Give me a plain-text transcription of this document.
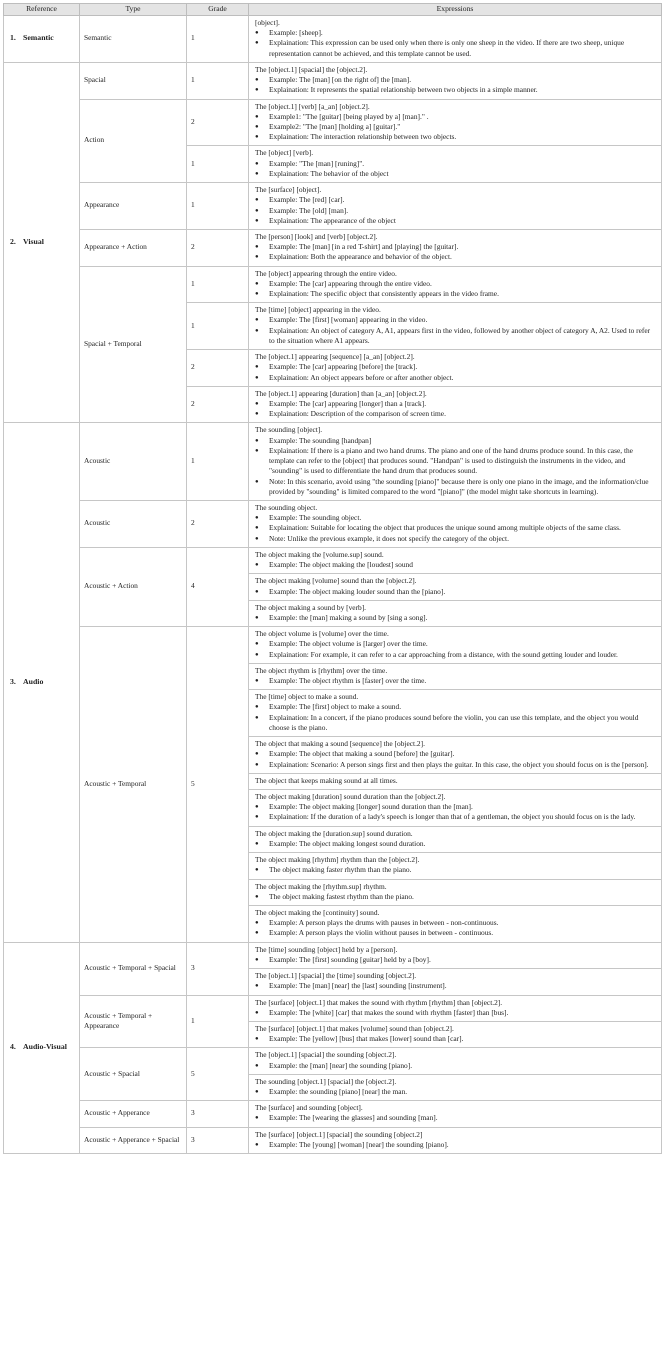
Reference	Type	Grade	Expressions
1. Semantic	Semantic	1	[object].
● Example: [sheep].
● Explaination: This expression can be used only when there is only one sheep in the video. If there are two sheep, unique representation cannot be achieved, and this template cannot be used.

2. Visual	Spacial	1	The [object.1] [spacial] the [object.2].
● Example: The [man] [on the right of] the [man].
● Explaination: It represents the spatial relationship between two objects in a simple manner.

	Action	2	The [object.1] [verb] [a_an] [object.2].
● Example1: "The [guitar] [being played by a] [man]." .
● Example2: "The [man] [holding a] [guitar]."
● Explaination: The interaction relationship between two objects.

		1	The [object] [verb].
● Example: "The [man] [runing]".
● Explaination: The behavior of the object

	Appearance	1	The [surface] [object].
● Example: The [red] [car].
● Example: The [old] [man].
● Explaination: The appearance of the object

	Appearance + Action	2	The [person] [look] and [verb] [object.2].
● Example: The [man] [in a red T-shirt] and [playing] the [guitar].
● Explaination: Both the appearance and behavior of the object.

	Spacial + Temporal	1	The [object] appearing through the entire video.
● Example: The [car] appearing through the entire video.
● Explaination: The specific object that consistently appears in the video frame.

		1	The [time] [object] appearing in the video.
● Example: The [first] [woman] appearing in the video.
● Explaination: An object of category A, A1, appears first in the video, followed by another object of category A, A2. Used to refer to the situation where A1 appears.

		2	The [object.1] appearing [sequence] [a_an] [object.2].
● Example: The [car] appearing [before] the [track].
● Explaination: An object appears before or after another object.

		2	The [object.1] appearing [duration] than [a_an] [object.2].
● Example: The [car] appearing [longer] than a [track].
● Explaination: Description of the comparison of screen time.

3. Audio	Acoustic	1	The sounding [object].
● Example: The sounding [handpan]
● Explaination: If there is a piano and two hand drums. The piano and one of the hand drums produce sound. In this case, the template can refer to the [object] that produces sound. "Handpan" is used to distinguish the instruments in the video, and "sounding" is used to differentiate the hand drum that produces sound.
● Note: In this scenario, avoid using "the sounding [piano]" because there is only one piano in the image, and the information/clue provided by "sounding" is limited compared to the word "[piano]" (the model might take shortcuts in learning).

	Acoustic	2	The sounding object.
● Example: The sounding object.
● Explaination: Suitable for locating the object that produces the unique sound among multiple objects of the same class.
● Note: Unlike the previous example, it does not specify the category of the object.

	Acoustic + Action	4	The object making the [volume.sup] sound.
● Example: The object making the [loudest] sound

			The object making [volume] sound than the [object.2].
● Example: The object making louder sound than the [piano].

			The object making a sound by [verb].
● Example: the [man] making a sound by [sing a song].

	Acoustic + Temporal	5	The object volume is [volume] over the time.
● Example: The object volume is [larger] over the time.
● Explaination: For example, it can refer to a car approaching from a distance, with the sound getting louder and louder.

			The object rhythm is [rhythm] over the time.
● Example: The object rhythm is [faster] over the time.

			The [time] object to make a sound.
● Example: The [first] object to make a sound.
● Explaination: In a concert, if the piano produces sound before the violin, you can use this template, and the object you would choose is the piano.

			The object that making a sound [sequence] the [object.2].
● Example: The object that making a sound [before] the [guitar].
● Explaination: Scenario: A person sings first and then plays the guitar. In this case, the object you should focus on is the [person].

			The object that keeps making sound at all times.

			The object making [duration] sound duration than the [object.2].
● Example: The object making [longer] sound duration than the [man].
● Explaination: If the duration of a lady's speech is longer than that of a gentleman, the object you should focus on is the lady.

			The object making the [duration.sup] sound duration.
● Example: The object making longest sound duration.

			The object making [rhythm] rhythm than the [object.2].
● The object making faster rhythm than the piano.

			The object making the [rhythm.sup] rhythm.
● The object making fastest rhythm than the piano.

			The object making the [continuity] sound.
● Example: A person plays the drums with pauses in between - non-continuous.
● Example: A person plays the violin without pauses in between - continuous.

4. Audio-Visual	Acoustic + Temporal + Spacial	3	The [time] sounding [object] held by a [person].
● Example: The [first] sounding [guitar] held by a [boy].

			The [object.1] [spacial] the [time] sounding [object.2].
● Example: The [man] [near] the [last] sounding [instrument].

	Acoustic + Temporal + Appearance	1	The [surface] [object.1] that makes the sound with rhythm [rhythm] than [object.2].
● Example: The [white] [car] that makes the sound with rhythm [faster] than [bus].

			The [surface] [object.1] that makes [volume] sound than [object.2].
● Example: The [yellow] [bus] that makes [lower] sound than [car].

	Acoustic + Spacial	5	The [object.1] [spacial] the sounding [object.2].
● Example: the [man] [near] the sounding [piano].

			The sounding [object.1] [spacial] the [object.2].
● Example: the sounding [piano] [near] the man.

	Acoustic + Apperance	3	The [surface] and sounding [object].
● Example: The [wearing the glasses] and sounding [man].

	Acoustic + Apperance + Spacial	3	The [surface] [object.1] [spacial] the sounding [object.2]
● Example: The [young] [woman] [near] the sounding [piano].
